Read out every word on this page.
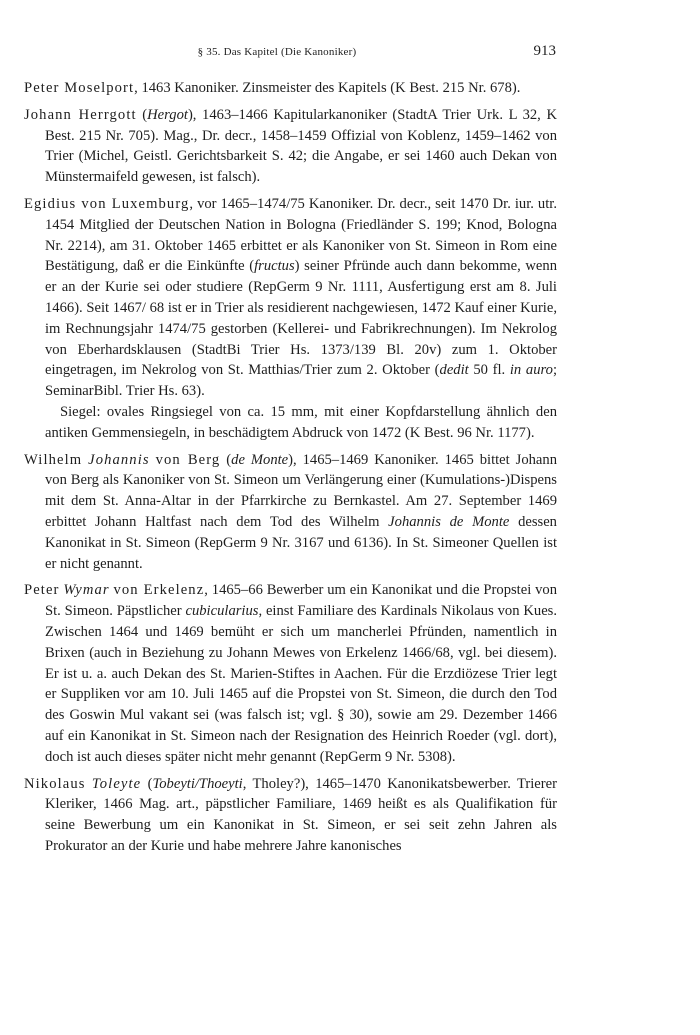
§ 35. Das Kapitel (Die Kanoniker)	913

Peter Moselport, 1463 Kanoniker. Zinsmeister des Kapitels (K Best. 215 Nr. 678).

Johann Herrgott (Hergot), 1463–1466 Kapitularkanoniker (StadtA Trier Urk. L 32, K Best. 215 Nr. 705). Mag., Dr. decr., 1458–1459 Offizial von Koblenz, 1459–1462 von Trier (Michel, Geistl. Gerichtsbarkeit S. 42; die Angabe, er sei 1460 auch Dekan von Münstermaifeld gewesen, ist falsch).

Egidius von Luxemburg, vor 1465–1474/75 Kanoniker. Dr. decr., seit 1470 Dr. iur. utr. 1454 Mitglied der Deutschen Nation in Bologna (Friedländer S. 199; Knod, Bologna Nr. 2214), am 31. Oktober 1465 erbittet er als Kanoniker von St. Simeon in Rom eine Bestätigung, daß er die Einkünfte (fructus) seiner Pfründe auch dann bekomme, wenn er an der Kurie sei oder studiere (RepGerm 9 Nr. 1111, Ausfertigung erst am 8. Juli 1466). Seit 1467/ 68 ist er in Trier als residierent nachgewiesen, 1472 Kauf einer Kurie, im Rechnungsjahr 1474/75 gestorben (Kellerei- und Fabrikrechnungen). Im Nekrolog von Eberhardsklausen (StadtBi Trier Hs. 1373/139 Bl. 20v) zum 1. Oktober eingetragen, im Nekrolog von St. Matthias/Trier zum 2. Oktober (dedit 50 fl. in auro; SeminarBibl. Trier Hs. 63).

Siegel: ovales Ringsiegel von ca. 15 mm, mit einer Kopfdarstellung ähnlich den antiken Gemmensiegeln, in beschädigtem Abdruck von 1472 (K Best. 96 Nr. 1177).

Wilhelm Johannis von Berg (de Monte), 1465–1469 Kanoniker. 1465 bittet Johann von Berg als Kanoniker von St. Simeon um Verlängerung einer (Kumulations-)Dispens mit dem St. Anna-Altar in der Pfarrkirche zu Bernkastel. Am 27. September 1469 erbittet Johann Haltfast nach dem Tod des Wilhelm Johannis de Monte dessen Kanonikat in St. Simeon (RepGerm 9 Nr. 3167 und 6136). In St. Simeoner Quellen ist er nicht genannt.

Peter Wymar von Erkelenz, 1465–66 Bewerber um ein Kanonikat und die Propstei von St. Simeon. Päpstlicher cubicularius, einst Familiare des Kardinals Nikolaus von Kues. Zwischen 1464 und 1469 bemüht er sich um mancherlei Pfründen, namentlich in Brixen (auch in Beziehung zu Johann Mewes von Erkelenz 1466/68, vgl. bei diesem). Er ist u. a. auch Dekan des St. Marien-Stiftes in Aachen. Für die Erzdiözese Trier legt er Suppliken vor am 10. Juli 1465 auf die Propstei von St. Simeon, die durch den Tod des Goswin Mul vakant sei (was falsch ist; vgl. § 30), sowie am 29. Dezember 1466 auf ein Kanonikat in St. Simeon nach der Resignation des Heinrich Roeder (vgl. dort), doch ist auch dieses später nicht mehr genannt (RepGerm 9 Nr. 5308).

Nikolaus Toleyte (Tobeyti/Thoeyti, Tholey?), 1465–1470 Kanonikatsbewerber. Trierer Kleriker, 1466 Mag. art., päpstlicher Familiare, 1469 heißt es als Qualifikation für seine Bewerbung um ein Kanonikat in St. Simeon, er sei seit zehn Jahren als Prokurator an der Kurie und habe mehrere Jahre kanonisches
